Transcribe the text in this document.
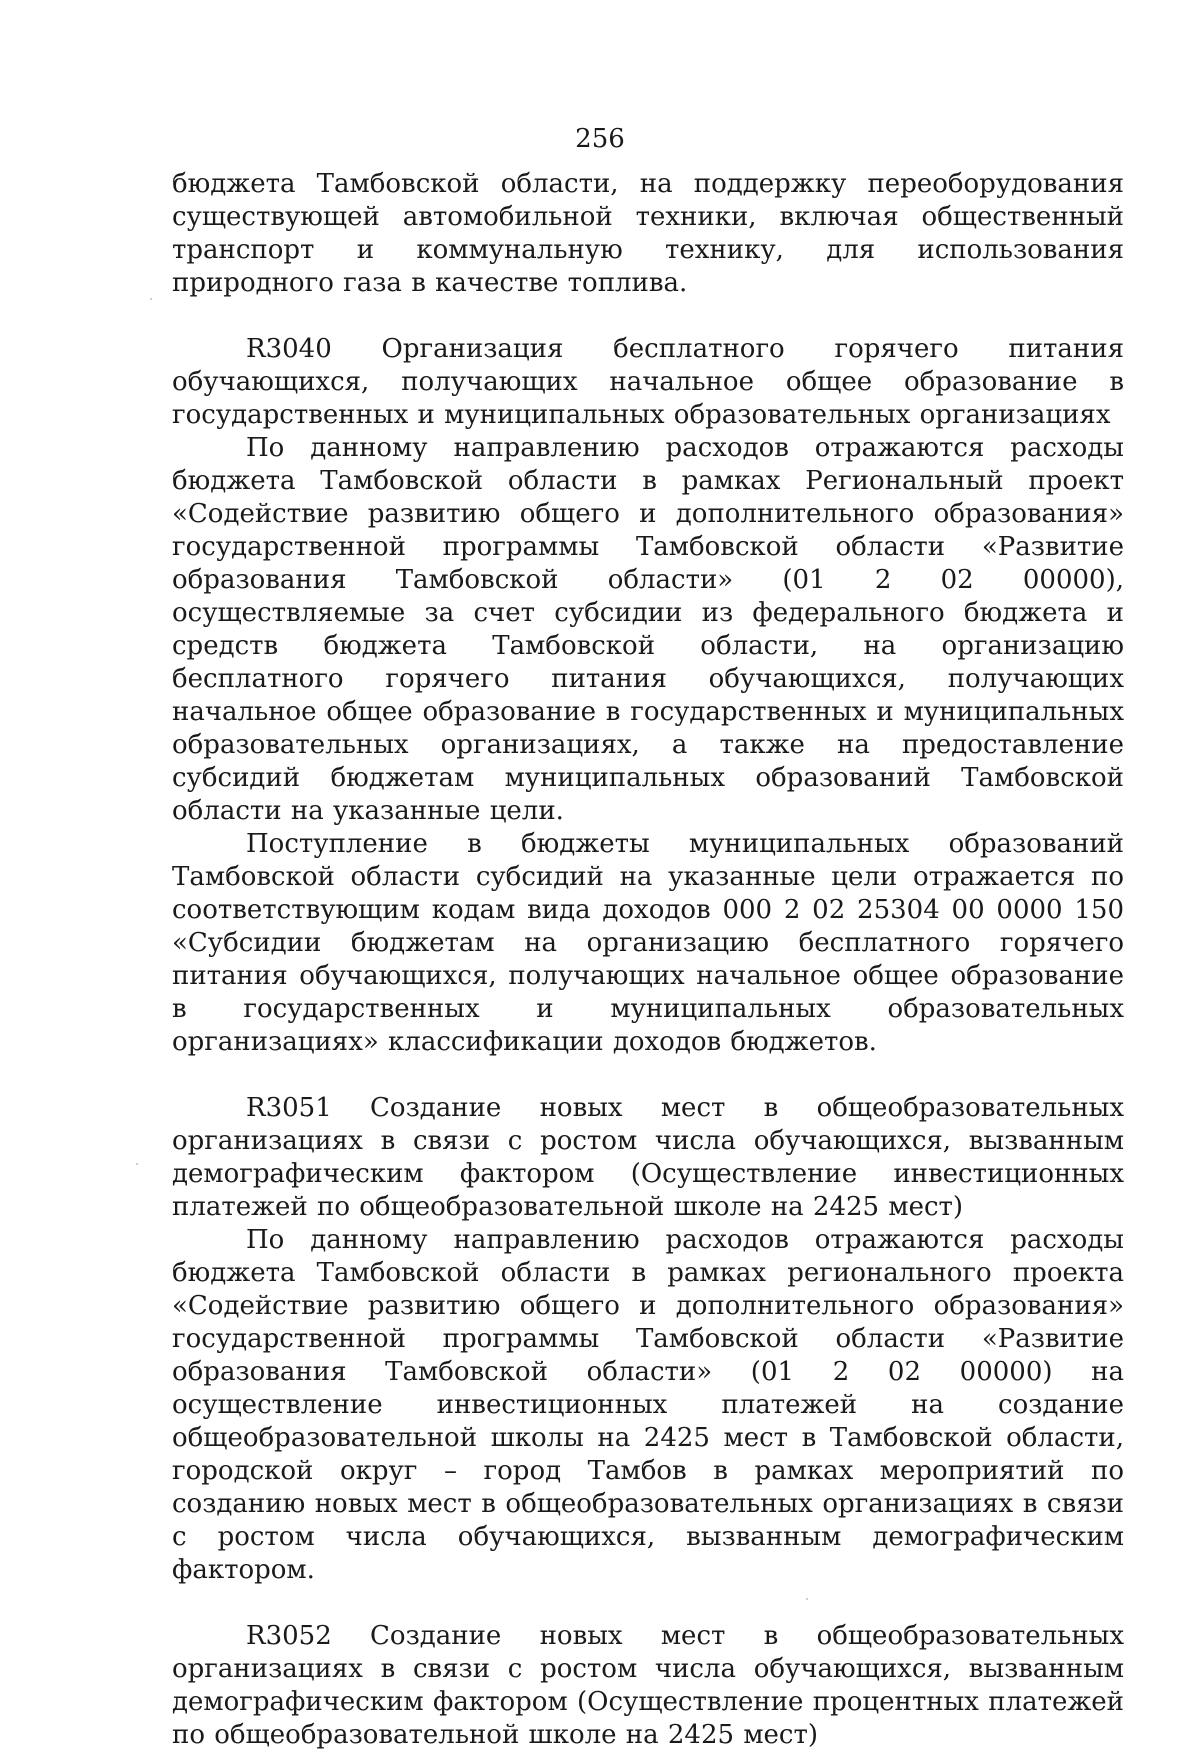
256

бюджета Тамбовской области, на поддержку переоборудования существующей автомобильной техники, включая общественный транспорт и коммунальную технику, для использования природного газа в качестве топлива.

R3040 Организация бесплатного горячего питания обучающихся, получающих начальное общее образование в государственных и муниципальных образовательных организациях

По данному направлению расходов отражаются расходы бюджета Тамбовской области в рамках Региональный проект «Содействие развитию общего и дополнительного образования» государственной программы Тамбовской области «Развитие образования Тамбовской области» (01 2 02 00000), осуществляемые за счет субсидии из федерального бюджета и средств бюджета Тамбовской области, на организацию бесплатного горячего питания обучающихся, получающих начальное общее образование в государственных и муниципальных образовательных организациях, а также на предоставление субсидий бюджетам муниципальных образований Тамбовской области на указанные цели.

Поступление в бюджеты муниципальных образований Тамбовской области субсидий на указанные цели отражается по соответствующим кодам вида доходов 000 2 02 25304 00 0000 150 «Субсидии бюджетам на организацию бесплатного горячего питания обучающихся, получающих начальное общее образование в государственных и муниципальных образовательных организациях» классификации доходов бюджетов.

R3051 Создание новых мест в общеобразовательных организациях в связи с ростом числа обучающихся, вызванным демографическим фактором (Осуществление инвестиционных платежей по общеобразовательной школе на 2425 мест)

По данному направлению расходов отражаются расходы бюджета Тамбовской области в рамках регионального проекта «Содействие развитию общего и дополнительного образования» государственной программы Тамбовской области «Развитие образования Тамбовской области» (01 2 02 00000) на осуществление инвестиционных платежей на создание общеобразовательной школы на 2425 мест в Тамбовской области, городской округ – город Тамбов в рамках мероприятий по созданию новых мест в общеобразовательных организациях в связи с ростом числа обучающихся, вызванным демографическим фактором.

R3052 Создание новых мест в общеобразовательных организациях в связи с ростом числа обучающихся, вызванным демографическим фактором (Осуществление процентных платежей по общеобразовательной школе на 2425 мест)
